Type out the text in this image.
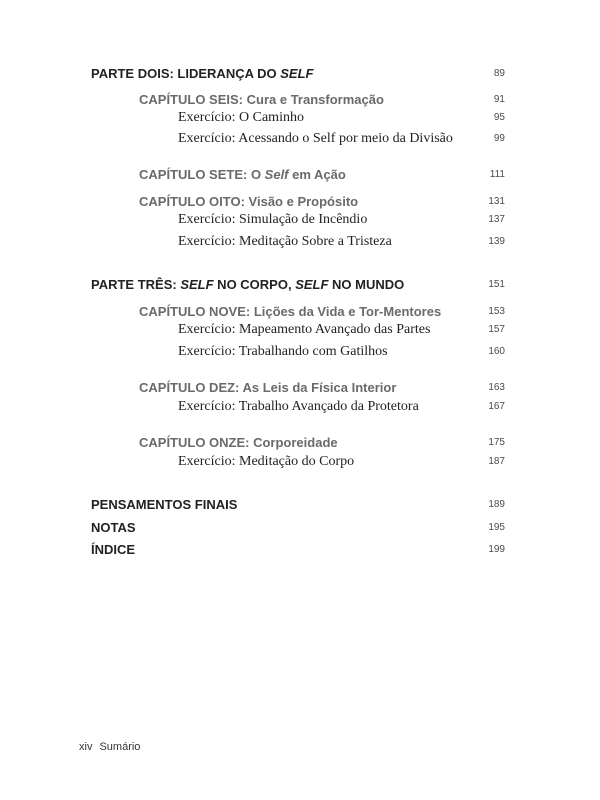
PARTE DOIS: LIDERANÇA DO SELF	89
CAPÍTULO SEIS: Cura e Transformação	91
Exercício: O Caminho	95
Exercício: Acessando o Self por meio da Divisão	99
CAPÍTULO SETE: O Self em Ação	111
CAPÍTULO OITO: Visão e Propósito	131
Exercício: Simulação de Incêndio	137
Exercício: Meditação Sobre a Tristeza	139
PARTE TRÊS: SELF NO CORPO, SELF NO MUNDO	151
CAPÍTULO NOVE: Lições da Vida e Tor-Mentores	153
Exercício: Mapeamento Avançado das Partes	157
Exercício: Trabalhando com Gatilhos	160
CAPÍTULO DEZ: As Leis da Física Interior	163
Exercício: Trabalho Avançado da Protetora	167
CAPÍTULO ONZE: Corporeidade	175
Exercício: Meditação do Corpo	187
PENSAMENTOS FINAIS	189
NOTAS	195
ÍNDICE	199
xiv Sumário
